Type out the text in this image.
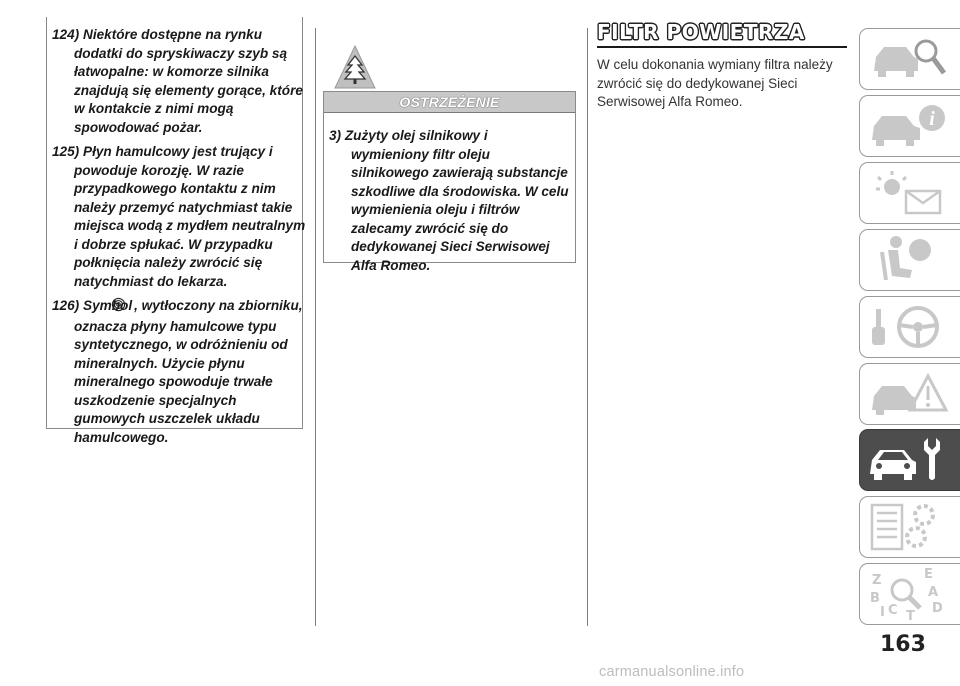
124) Niektóre dostępne na rynku dodatki do spryskiwaczy szyb są łatwopalne: w komorze silnika znajdują się elementy gorące, które w kontakcie z nimi mogą spowodować pożar.
125) Płyn hamulcowy jest trujący i powoduje korozję. W razie przypadkowego kontaktu z nim należy przemyć natychmiast takie miejsca wodą z mydłem neutralnym i dobrze spłukać. W przypadku połknięcia należy zwrócić się natychmiast do lekarza.
126) Symbol , wytłoczony na zbiorniku, oznacza płyny hamulcowe typu syntetycznego, w odróżnieniu od mineralnych. Użycie płynu mineralnego spowoduje trwałe uszkodzenie specjalnych gumowych uszczelek układu hamulcowego.
OSTRZEŻENIE
3) Zużyty olej silnikowy i wymieniony filtr oleju silnikowego zawierają substancje szkodliwe dla środowiska. W celu wymienienia oleju i filtrów zalecamy zwrócić się do dedykowanej Sieci Serwisowej Alfa Romeo.
FILTR POWIETRZA
W celu dokonania wymiany filtra należy zwrócić się do dedykowanej Sieci Serwisowej Alfa Romeo.
i
Z	E
A
B
D
I C T
163
carmanualsonline.info
